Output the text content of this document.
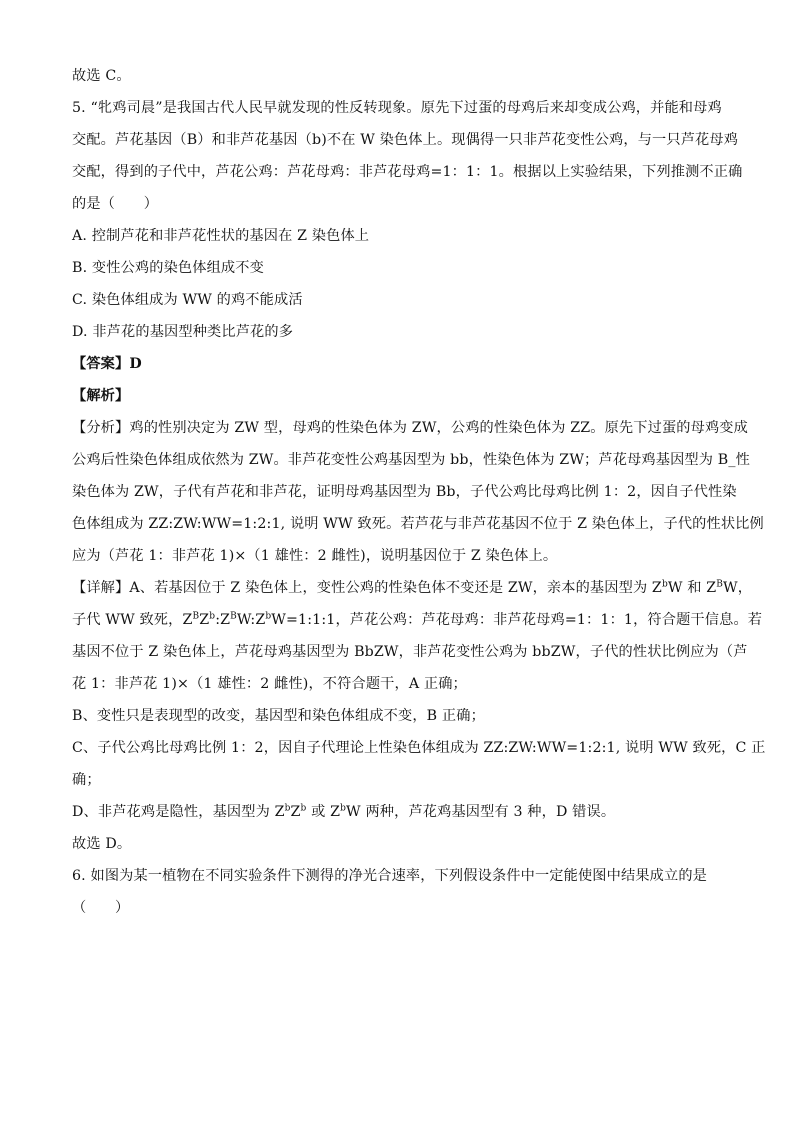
故选 C。
5. “牝鸡司晨”是我国古代人民早就发现的性反转现象。原先下过蛋的母鸡后来却变成公鸡，并能和母鸡
交配。芦花基因（B）和非芦花基因（b)不在 W 染色体上。现偶得一只非芦花变性公鸡，与一只芦花母鸡
交配，得到的子代中，芦花公鸡：芦花母鸡：非芦花母鸡=1：1：1。根据以上实验结果，下列推测不正确
的是（　　）
A. 控制芦花和非芦花性状的基因在 Z 染色体上
B. 变性公鸡的染色体组成不变
C. 染色体组成为 WW 的鸡不能成活
D. 非芦花的基因型种类比芦花的多
【答案】D
【解析】
【分析】鸡的性别决定为 ZW 型，母鸡的性染色体为 ZW，公鸡的性染色体为 ZZ。原先下过蛋的母鸡变成
公鸡后性染色体组成依然为 ZW。非芦花变性公鸡基因型为 bb，性染色体为 ZW；芦花母鸡基因型为 B_性
染色体为 ZW，子代有芦花和非芦花，证明母鸡基因型为 Bb，子代公鸡比母鸡比例 1：2，因自子代性染
色体组成为 ZZ:ZW:WW=1:2:1, 说明 WW 致死。若芦花与非芦花基因不位于 Z 染色体上，子代的性状比例
应为（芦花 1：非芦花 1)×（1 雄性：2 雌性)，说明基因位于 Z 染色体上。
【详解】A、若基因位于 Z 染色体上，变性公鸡的性染色体不变还是 ZW，亲本的基因型为 $Z^bW$ 和 $Z^BW$，
子代 WW 致死，$Z^BZ^b:Z^BW:Z^bW=1:1:1$，芦花公鸡：芦花母鸡：非芦花母鸡=1：1：1，符合题干信息。若
基因不位于 Z 染色体上，芦花母鸡基因型为 BbZW，非芦花变性公鸡为 bbZW，子代的性状比例应为（芦
花 1：非芦花 1)×（1 雄性：2 雌性)，不符合题干，A 正确；
B、变性只是表现型的改变，基因型和染色体组成不变，B 正确；
C、子代公鸡比母鸡比例 1：2，因自子代理论上性染色体组成为 ZZ:ZW:WW=1:2:1, 说明 WW 致死，C 正
确；
D、非芦花鸡是隐性，基因型为 $Z^bZ^b$ 或 $Z^bW$ 两种，芦花鸡基因型有 3 种，D 错误。
故选 D。
6. 如图为某一植物在不同实验条件下测得的净光合速率，下列假设条件中一定能使图中结果成立的是
（　　）
